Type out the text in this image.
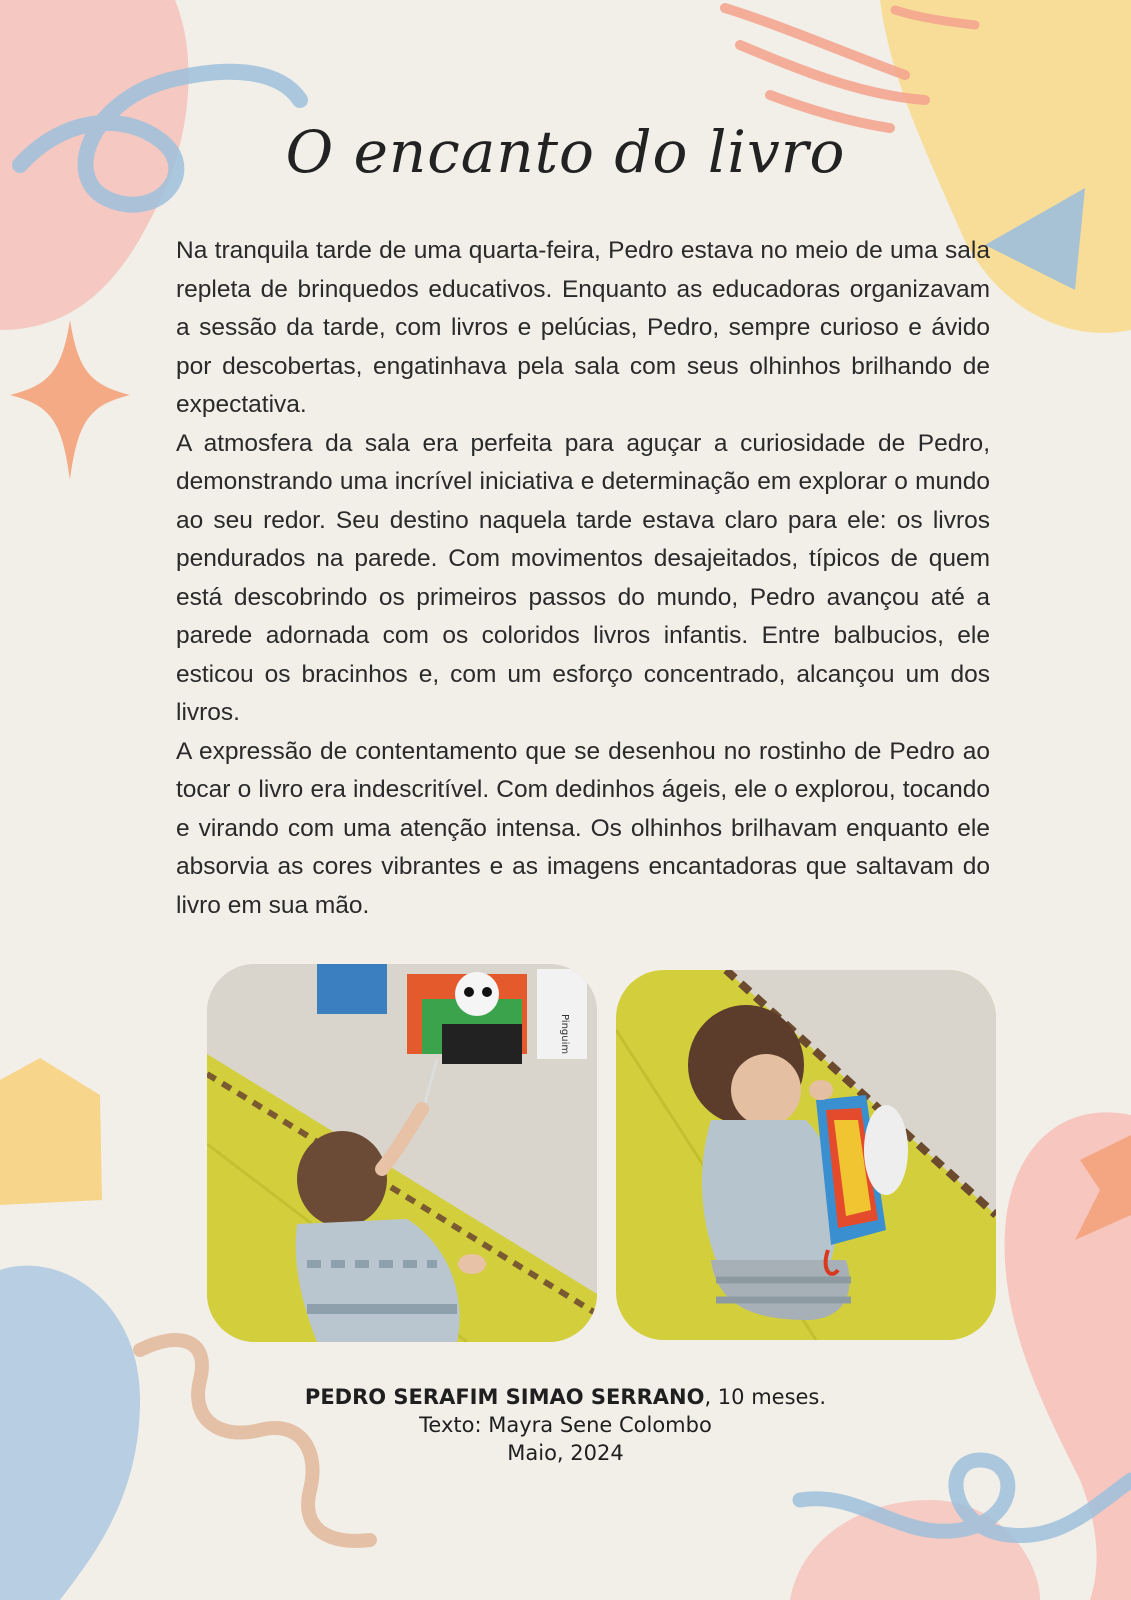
O encanto do livro

Na tranquila tarde de uma quarta-feira, Pedro estava no meio de uma sala repleta de brinquedos educativos. Enquanto as educadoras organizavam a sessão da tarde, com livros e pelúcias, Pedro, sempre curioso e ávido por descobertas, engatinhava pela sala com seus olhinhos brilhando de expectativa.

A atmosfera da sala era perfeita para aguçar a curiosidade de Pedro, demonstrando uma incrível iniciativa e determinação em explorar o mundo ao seu redor. Seu destino naquela tarde estava claro para ele: os livros pendurados na parede. Com movimentos desajeitados, típicos de quem está descobrindo os primeiros passos do mundo, Pedro avançou até a parede adornada com os coloridos livros infantis. Entre balbucios, ele esticou os bracinhos e, com um esforço concentrado, alcançou um dos livros.

A expressão de contentamento que se desenhou no rostinho de Pedro ao tocar o livro era indescritível. Com dedinhos ágeis, ele o explorou, tocando e virando com uma atenção intensa. Os olhinhos brilhavam enquanto ele absorvia as cores vibrantes e as imagens encantadoras que saltavam do livro em sua mão.

Pinguim
PEDRO SERAFIM SIMAO SERRANO, 10 meses.
Texto: Mayra Sene Colombo
Maio, 2024
